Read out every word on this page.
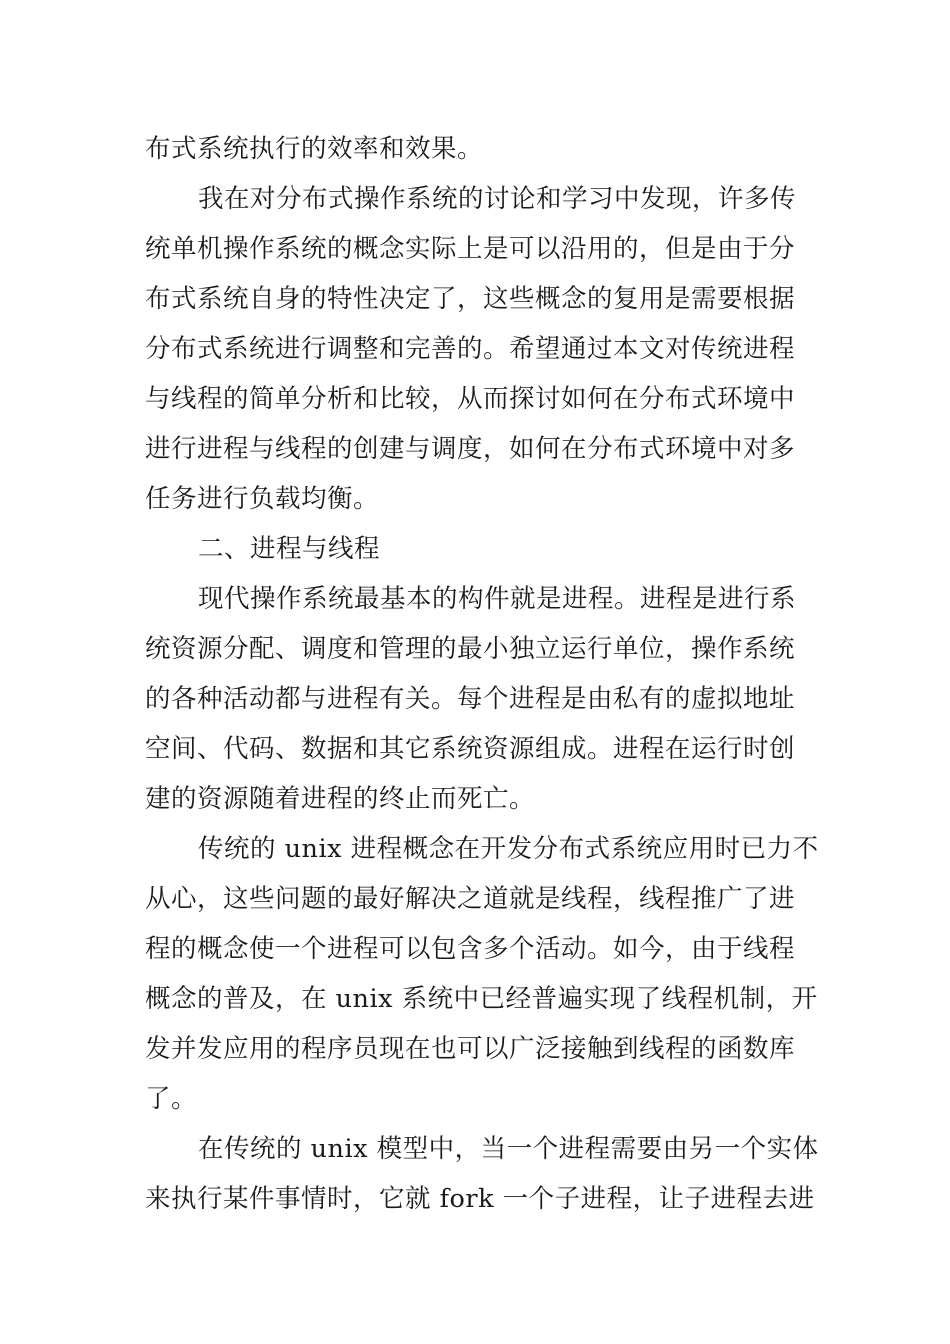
布式系统执行的效率和效果。
我在对分布式操作系统的讨论和学习中发现，许多传
统单机操作系统的概念实际上是可以沿用的，但是由于分
布式系统自身的特性决定了，这些概念的复用是需要根据
分布式系统进行调整和完善的。希望通过本文对传统进程
与线程的简单分析和比较，从而探讨如何在分布式环境中
进行进程与线程的创建与调度，如何在分布式环境中对多
任务进行负载均衡。
二、进程与线程
现代操作系统最基本的构件就是进程。进程是进行系
统资源分配、调度和管理的最小独立运行单位，操作系统
的各种活动都与进程有关。每个进程是由私有的虚拟地址
空间、代码、数据和其它系统资源组成。进程在运行时创
建的资源随着进程的终止而死亡。
传统的 unix 进程概念在开发分布式系统应用时已力不
从心，这些问题的最好解决之道就是线程，线程推广了进
程的概念使一个进程可以包含多个活动。如今，由于线程
概念的普及，在 unix 系统中已经普遍实现了线程机制，开
发并发应用的程序员现在也可以广泛接触到线程的函数库
了。
在传统的 unix 模型中，当一个进程需要由另一个实体
来执行某件事情时，它就 fork 一个子进程，让子进程去进
